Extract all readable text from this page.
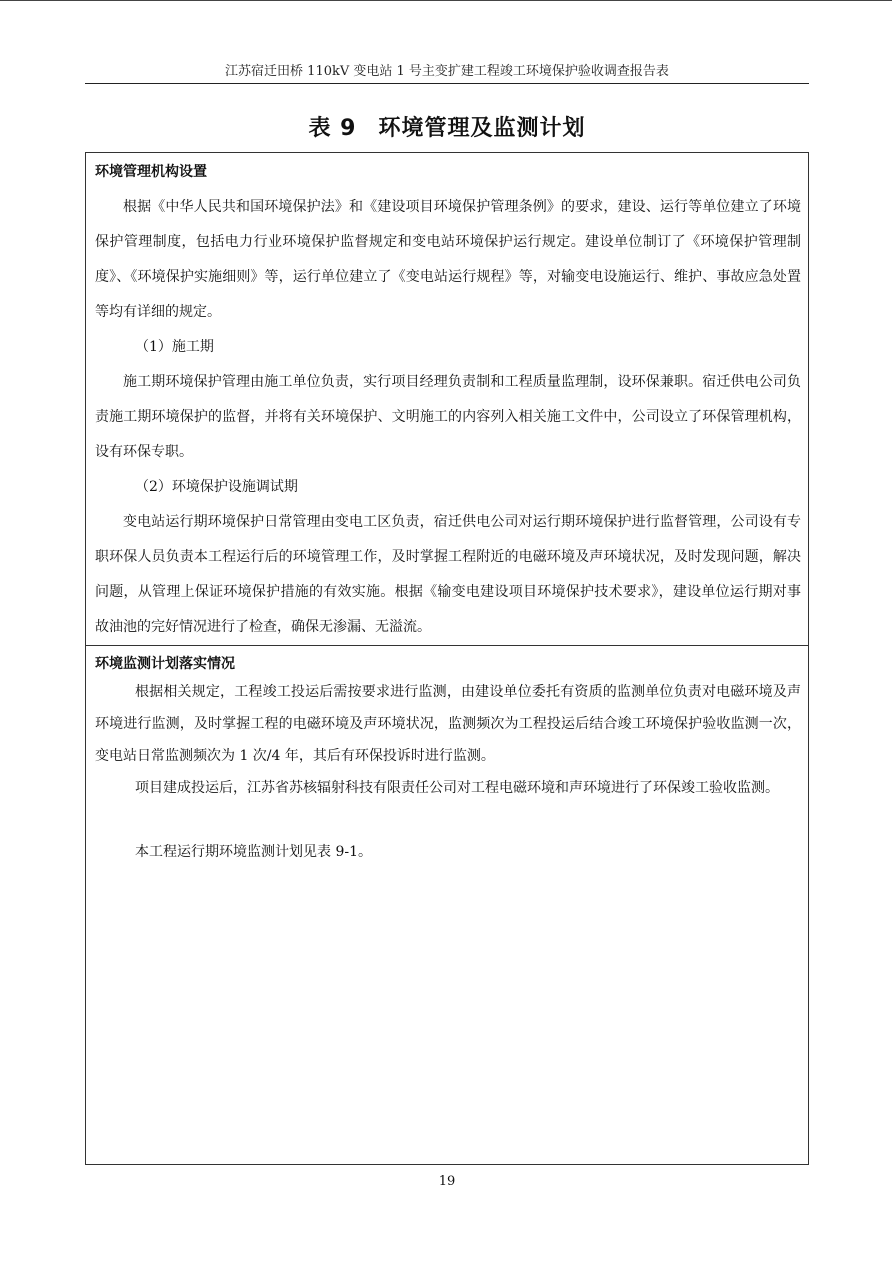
江苏宿迁田桥 110kV 变电站 1 号主变扩建工程竣工环境保护验收调查报告表
表 9 环境管理及监测计划
环境管理机构设置

根据《中华人民共和国环境保护法》和《建设项目环境保护管理条例》的要求，建设、运行等单位建立了环境保护管理制度，包括电力行业环境保护监督规定和变电站环境保护运行规定。建设单位制订了《环境保护管理制度》、《环境保护实施细则》等，运行单位建立了《变电站运行规程》等，对输变电设施运行、维护、事故应急处置等均有详细的规定。

（1）施工期

施工期环境保护管理由施工单位负责，实行项目经理负责制和工程质量监理制，设环保兼职。宿迁供电公司负责施工期环境保护的监督，并将有关环境保护、文明施工的内容列入相关施工文件中，公司设立了环保管理机构，设有环保专职。

（2）环境保护设施调试期

变电站运行期环境保护日常管理由变电工区负责，宿迁供电公司对运行期环境保护进行监督管理，公司设有专职环保人员负责本工程运行后的环境管理工作，及时掌握工程附近的电磁环境及声环境状况，及时发现问题，解决问题，从管理上保证环境保护措施的有效实施。根据《输变电建设项目环境保护技术要求》，建设单位运行期对事故油池的完好情况进行了检查，确保无渗漏、无溢流。

环境监测计划落实情况

根据相关规定，工程竣工投运后需按要求进行监测，由建设单位委托有资质的监测单位负责对电磁环境及声环境进行监测，及时掌握工程的电磁环境及声环境状况，监测频次为工程投运后结合竣工环境保护验收监测一次，变电站日常监测频次为 1 次/4 年，其后有环保投诉时进行监测。

项目建成投运后，江苏省苏核辐射科技有限责任公司对工程电磁环境和声环境进行了环保竣工验收监测。

本工程运行期环境监测计划见表 9-1。

19
